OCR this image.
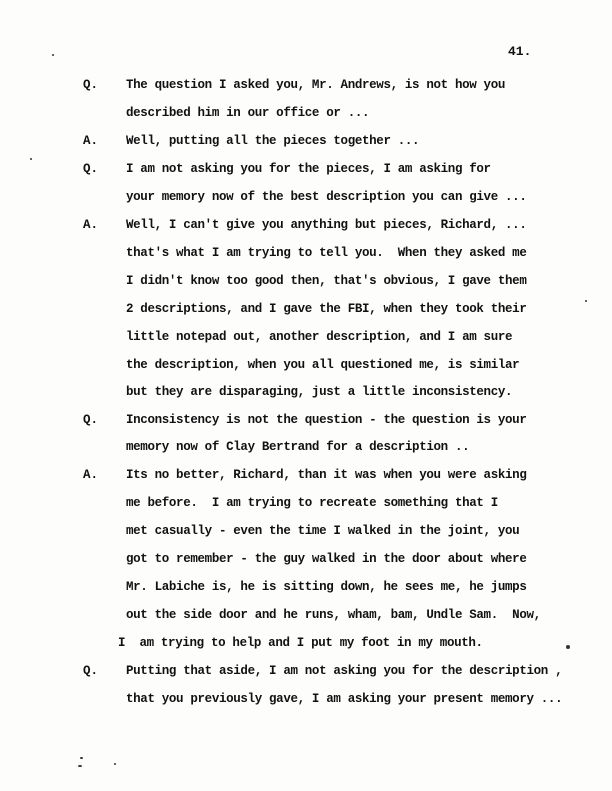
41.
Q. The question I asked you, Mr. Andrews, is not how you
described him in our office or ...
A. Well, putting all the pieces together ...
Q. I am not asking you for the pieces, I am asking for
your memory now of the best description you can give ...
A. Well, I can't give you anything but pieces, Richard, ...
that's what I am trying to tell you.  When they asked me
I didn't know too good then, that's obvious, I gave them
2 descriptions, and I gave the FBI, when they took their
little notepad out, another description, and I am sure
the description, when you all questioned me, is similar
but they are disparaging, just a little inconsistency.
Q. Inconsistency is not the question - the question is your
memory now of Clay Bertrand for a description ..
A. Its no better, Richard, than it was when you were asking
me before.  I am trying to recreate something that I
met casually - even the time I walked in the joint, you
got to remember - the guy walked in the door about where
Mr. Labiche is, he is sitting down, he sees me, he jumps
out the side door and he runs, wham, bam, Undle Sam.  Now,
I  am trying to help and I put my foot in my mouth.
Q. Putting that aside, I am not asking you for the description ,
that you previously gave, I am asking your present memory ...
